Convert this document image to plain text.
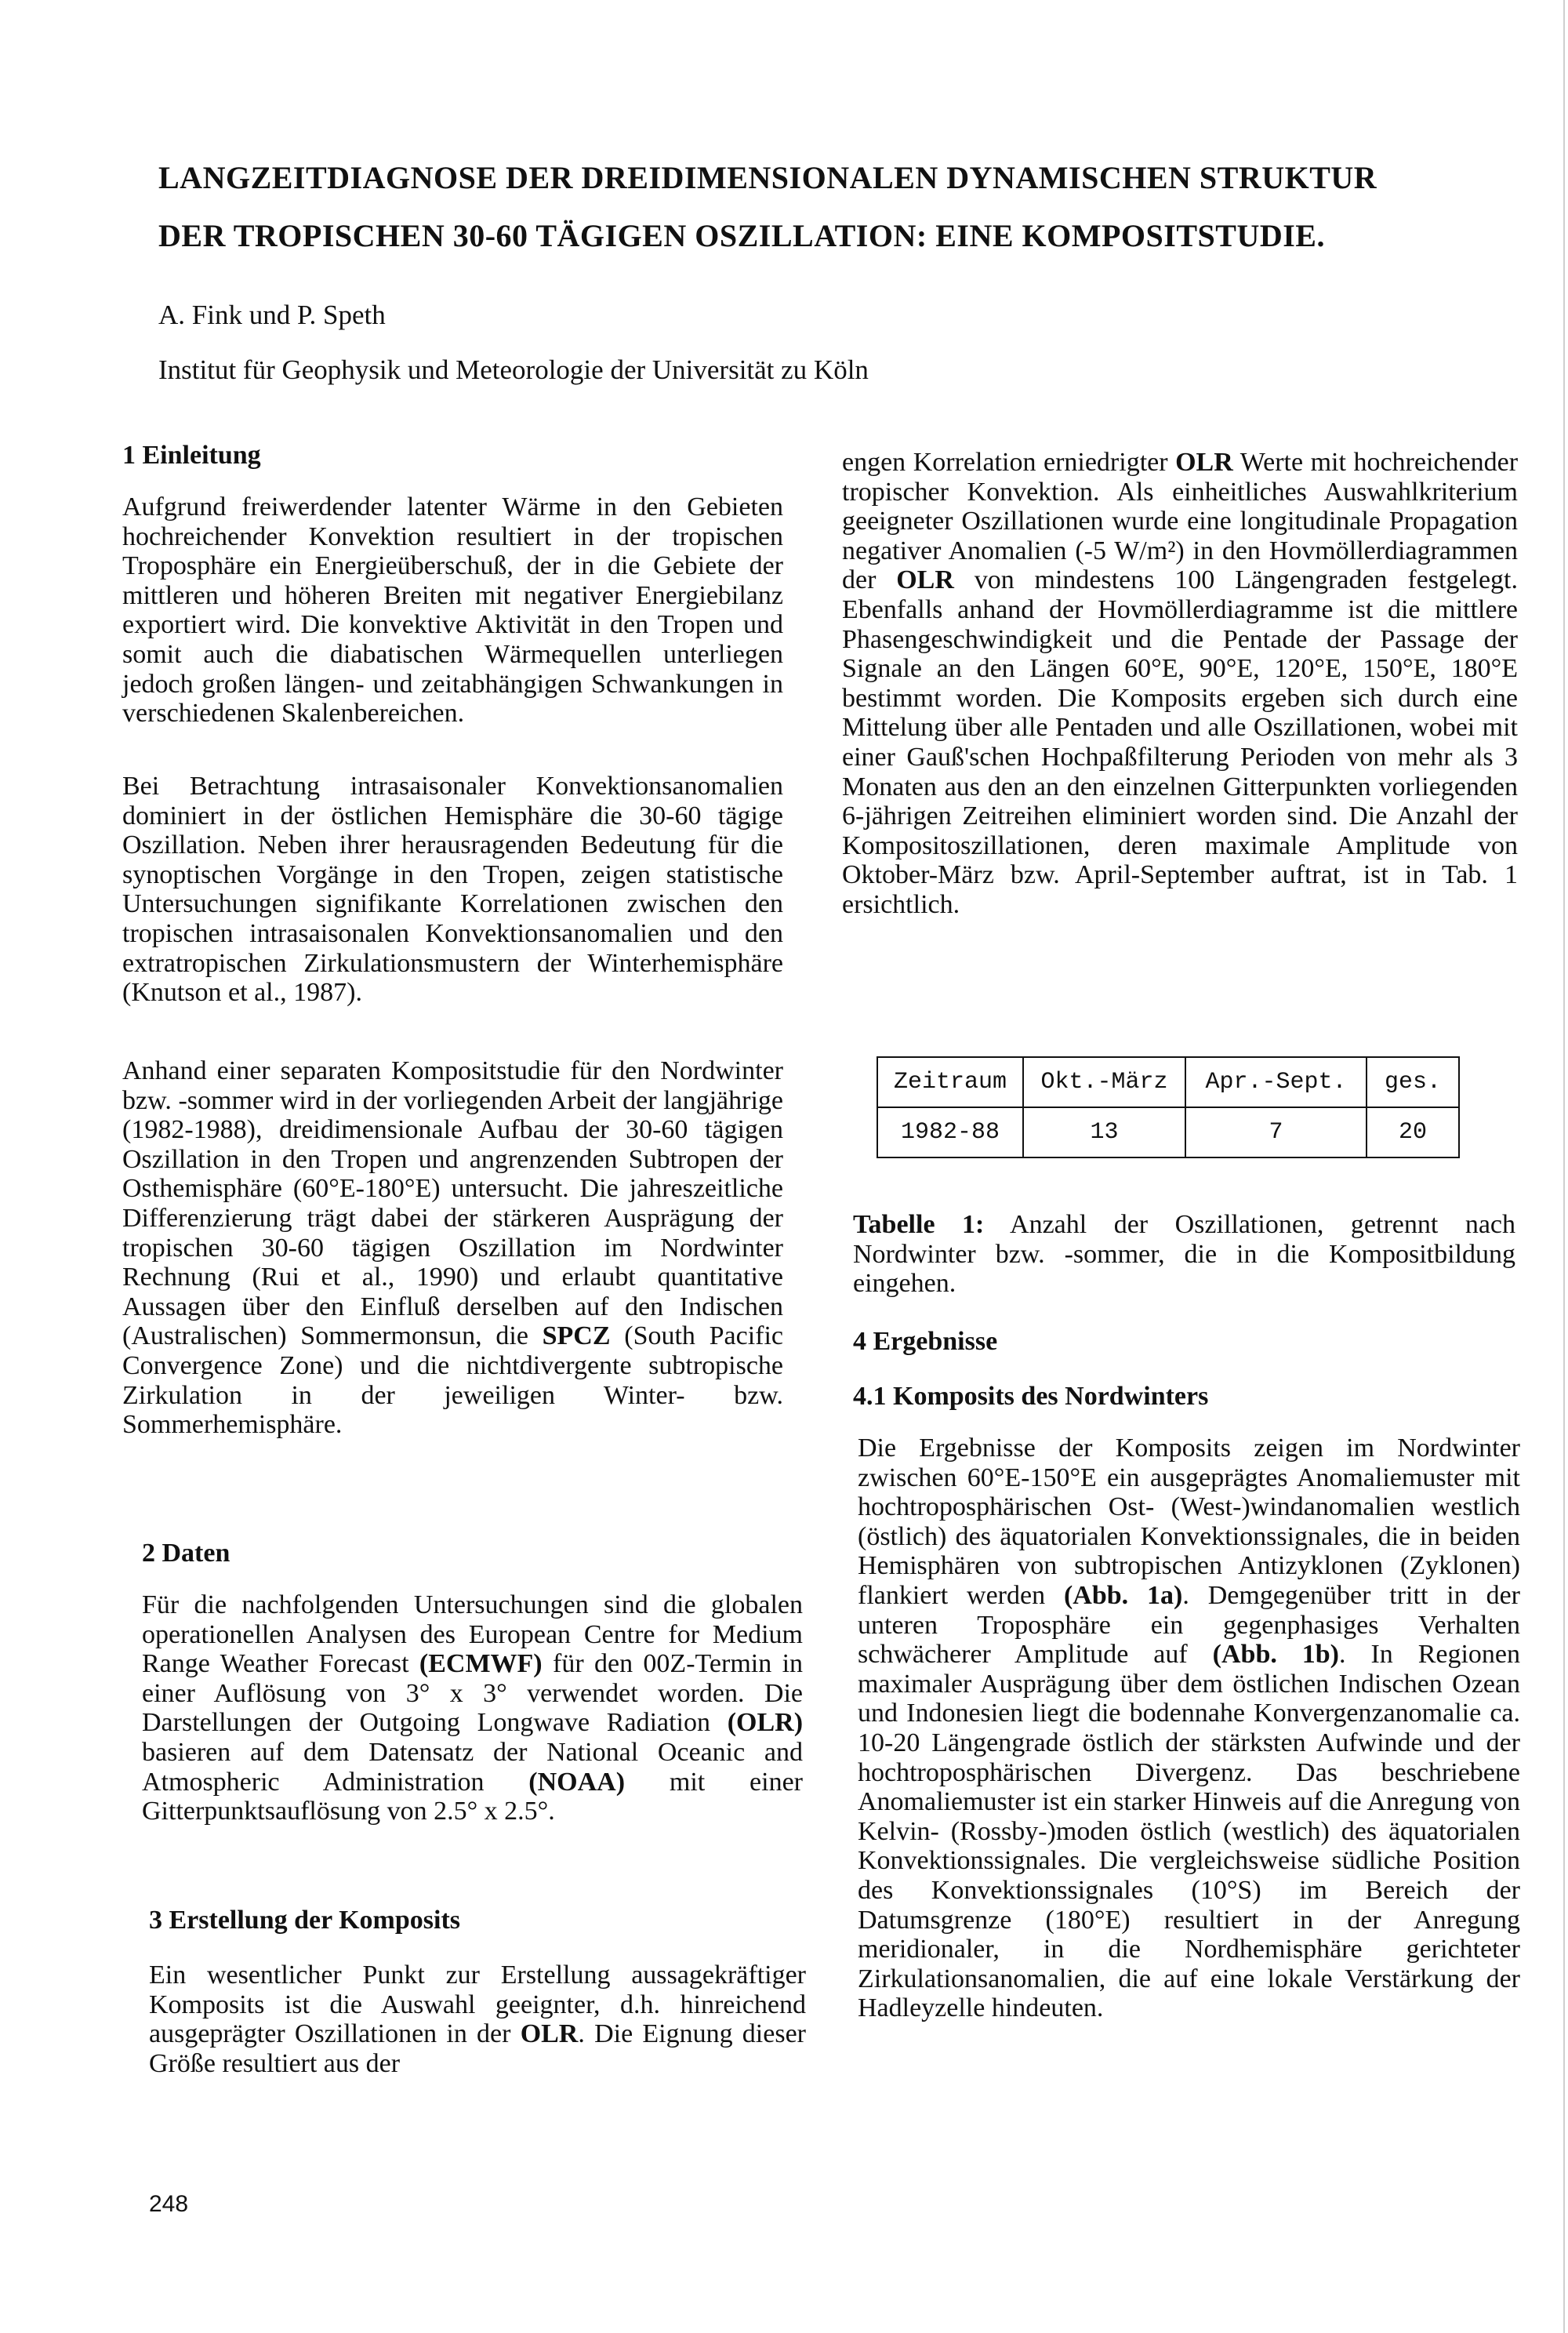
LANGZEITDIAGNOSE DER DREIDIMENSIONALEN DYNAMISCHEN STRUKTUR
DER TROPISCHEN 30-60 TÄGIGEN OSZILLATION: EINE KOMPOSITSTUDIE.
A. Fink und P. Speth
Institut für Geophysik und Meteorologie der Universität zu Köln
1 Einleitung
Aufgrund freiwerdender latenter Wärme in den Gebieten hochreichender Konvektion resultiert in der tropischen Troposphäre ein Energieüberschuß, der in die Gebiete der mittleren und höheren Breiten mit negativer Energiebilanz exportiert wird. Die konvektive Aktivität in den Tropen und somit auch die diabatischen Wärmequellen unterliegen jedoch großen längen- und zeitabhängigen Schwankungen in verschiedenen Skalenbereichen.
Bei Betrachtung intrasaisonaler Konvektionsanomalien dominiert in der östlichen Hemisphäre die 30-60 tägige Oszillation. Neben ihrer herausragenden Bedeutung für die synoptischen Vorgänge in den Tropen, zeigen statistische Untersuchungen signifikante Korrelationen zwischen den tropischen intrasaisonalen Konvektionsanomalien und den extratropischen Zirkulationsmustern der Winterhemisphäre (Knutson et al., 1987).
Anhand einer separaten Kompositstudie für den Nordwinter bzw. -sommer wird in der vorliegenden Arbeit der langjährige (1982-1988), dreidimensionale Aufbau der 30-60 tägigen Oszillation in den Tropen und angrenzenden Subtropen der Osthemisphäre (60°E-180°E) untersucht. Die jahreszeitliche Differenzierung trägt dabei der stärkeren Ausprägung der tropischen 30-60 tägigen Oszillation im Nordwinter Rechnung (Rui et al., 1990) und erlaubt quantitative Aussagen über den Einfluß derselben auf den Indischen (Australischen) Sommermonsun, die SPCZ (South Pacific Convergence Zone) und die nichtdivergente subtropische Zirkulation in der jeweiligen Winter- bzw. Sommerhemisphäre.
2 Daten
Für die nachfolgenden Untersuchungen sind die globalen operationellen Analysen des European Centre for Medium Range Weather Forecast (ECMWF) für den 00Z-Termin in einer Auflösung von 3° x 3° verwendet worden. Die Darstellungen der Outgoing Longwave Radiation (OLR) basieren auf dem Datensatz der National Oceanic and Atmospheric Administration (NOAA) mit einer Gitterpunktsauflösung von 2.5° x 2.5°.
3 Erstellung der Komposits
Ein wesentlicher Punkt zur Erstellung aussagekräftiger Komposits ist die Auswahl geeignter, d.h. hinreichend ausgeprägter Oszillationen in der OLR. Die Eignung dieser Größe resultiert aus der
engen Korrelation erniedrigter OLR Werte mit hochreichender tropischer Konvektion. Als einheitliches Auswahlkriterium geeigneter Oszillationen wurde eine longitudinale Propagation negativer Anomalien (-5 W/m²) in den Hovmöllerdiagrammen der OLR von mindestens 100 Längengraden festgelegt. Ebenfalls anhand der Hovmöllerdiagramme ist die mittlere Phasengeschwindigkeit und die Pentade der Passage der Signale an den Längen 60°E, 90°E, 120°E, 150°E, 180°E bestimmt worden. Die Komposits ergeben sich durch eine Mittelung über alle Pentaden und alle Oszillationen, wobei mit einer Gauß'schen Hochpaßfilterung Perioden von mehr als 3 Monaten aus den an den einzelnen Gitterpunkten vorliegenden 6-jährigen Zeitreihen eliminiert worden sind. Die Anzahl der Kompositoszillationen, deren maximale Amplitude von Oktober-März bzw. April-September auftrat, ist in Tab. 1 ersichtlich.
Zeitraum	Okt.-März	Apr.-Sept.	ges.
1982-88	13	7	20
Tabelle 1: Anzahl der Oszillationen, getrennt nach Nordwinter bzw. -sommer, die in die Kompositbildung eingehen.
4 Ergebnisse
4.1 Komposits des Nordwinters
Die Ergebnisse der Komposits zeigen im Nordwinter zwischen 60°E-150°E ein ausgeprägtes Anomaliemuster mit hochtroposphärischen Ost- (West-)windanomalien westlich (östlich) des äquatorialen Konvektionssignales, die in beiden Hemisphären von subtropischen Antizyklonen (Zyklonen) flankiert werden (Abb. 1a). Demgegenüber tritt in der unteren Troposphäre ein gegenphasiges Verhalten schwächerer Amplitude auf (Abb. 1b). In Regionen maximaler Ausprägung über dem östlichen Indischen Ozean und Indonesien liegt die bodennahe Konvergenzanomalie ca. 10-20 Längengrade östlich der stärksten Aufwinde und der hochtroposphärischen Divergenz. Das beschriebene Anomaliemuster ist ein starker Hinweis auf die Anregung von Kelvin- (Rossby-)moden östlich (westlich) des äquatorialen Konvektionssignales. Die vergleichsweise südliche Position des Konvektionssignales (10°S) im Bereich der Datumsgrenze (180°E) resultiert in der Anregung meridionaler, in die Nordhemisphäre gerichteter Zirkulationsanomalien, die auf eine lokale Verstärkung der Hadleyzelle hindeuten.
248
